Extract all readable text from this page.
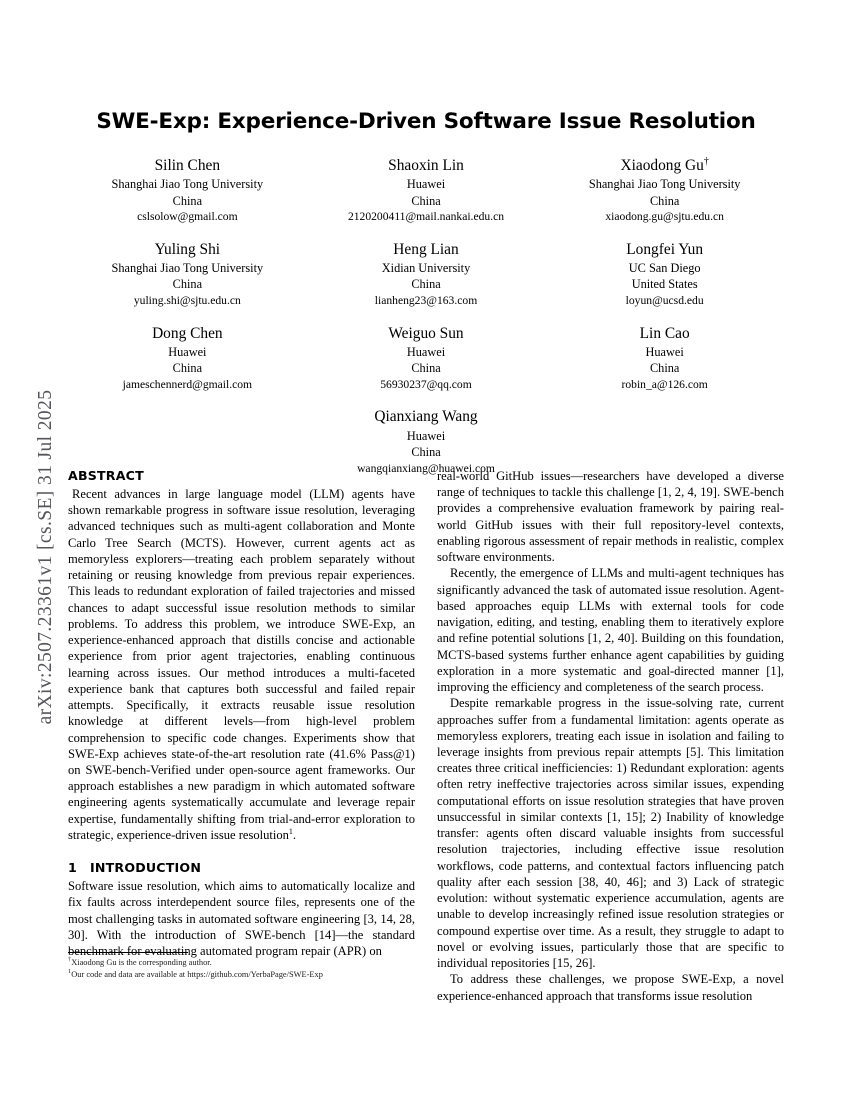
arXiv:2507.23361v1 [cs.SE] 31 Jul 2025
SWE-Exp: Experience-Driven Software Issue Resolution
Silin Chen
Shanghai Jiao Tong University
China
cslsolow@gmail.com
Shaoxin Lin
Huawei
China
2120200411@mail.nankai.edu.cn
Xiaodong Gu†
Shanghai Jiao Tong University
China
xiaodong.gu@sjtu.edu.cn
Yuling Shi
Shanghai Jiao Tong University
China
yuling.shi@sjtu.edu.cn
Heng Lian
Xidian University
China
lianheng23@163.com
Longfei Yun
UC San Diego
United States
loyun@ucsd.edu
Dong Chen
Huawei
China
jameschennerd@gmail.com
Weiguo Sun
Huawei
China
56930237@qq.com
Lin Cao
Huawei
China
robin_a@126.com
Qianxiang Wang
Huawei
China
wangqianxiang@huawei.com
ABSTRACT

Recent advances in large language model (LLM) agents have shown remarkable progress in software issue resolution, leveraging advanced techniques such as multi-agent collaboration and Monte Carlo Tree Search (MCTS). However, current agents act as memoryless explorers—treating each problem separately without retaining or reusing knowledge from previous repair experiences. This leads to redundant exploration of failed trajectories and missed chances to adapt successful issue resolution methods to similar problems. To address this problem, we introduce SWE-Exp, an experience-enhanced approach that distills concise and actionable experience from prior agent trajectories, enabling continuous learning across issues. Our method introduces a multi-faceted experience bank that captures both successful and failed repair attempts. Specifically, it extracts reusable issue resolution knowledge at different levels—from high-level problem comprehension to specific code changes. Experiments show that SWE-Exp achieves state-of-the-art resolution rate (41.6% Pass@1) on SWE-bench-Verified under open-source agent frameworks. Our approach establishes a new paradigm in which automated software engineering agents systematically accumulate and leverage repair expertise, fundamentally shifting from trial-and-error exploration to strategic, experience-driven issue resolution$^1$.

1 INTRODUCTION

Software issue resolution, which aims to automatically localize and fix faults across interdependent source files, represents one of the most challenging tasks in automated software engineering [3, 14, 28, 30]. With the introduction of SWE-bench [14]—the standard benchmark for evaluating automated program repair (APR) on

†Xiaodong Gu is the corresponding author.

$^1$Our code and data are available at https://github.com/YerbaPage/SWE-Exp

real-world GitHub issues—researchers have developed a diverse range of techniques to tackle this challenge [1, 2, 4, 19]. SWE-bench provides a comprehensive evaluation framework by pairing real-world GitHub issues with their full repository-level contexts, enabling rigorous assessment of repair methods in realistic, complex software environments.

Recently, the emergence of LLMs and multi-agent techniques has significantly advanced the task of automated issue resolution. Agent-based approaches equip LLMs with external tools for code navigation, editing, and testing, enabling them to iteratively explore and refine potential solutions [1, 2, 40]. Building on this foundation, MCTS-based systems further enhance agent capabilities by guiding exploration in a more systematic and goal-directed manner [1], improving the efficiency and completeness of the search process.

Despite remarkable progress in the issue-solving rate, current approaches suffer from a fundamental limitation: agents operate as memoryless explorers, treating each issue in isolation and failing to leverage insights from previous repair attempts [5]. This limitation creates three critical inefficiencies: 1) Redundant exploration: agents often retry ineffective trajectories across similar issues, expending computational efforts on issue resolution strategies that have proven unsuccessful in similar contexts [1, 15]; 2) Inability of knowledge transfer: agents often discard valuable insights from successful resolution trajectories, including effective issue resolution workflows, code patterns, and contextual factors influencing patch quality after each session [38, 40, 46]; and 3) Lack of strategic evolution: without systematic experience accumulation, agents are unable to develop increasingly refined issue resolution strategies or compound expertise over time. As a result, they struggle to adapt to novel or evolving issues, particularly those that are specific to individual repositories [15, 26].

To address these challenges, we propose SWE-Exp, a novel experience-enhanced approach that transforms issue resolution
